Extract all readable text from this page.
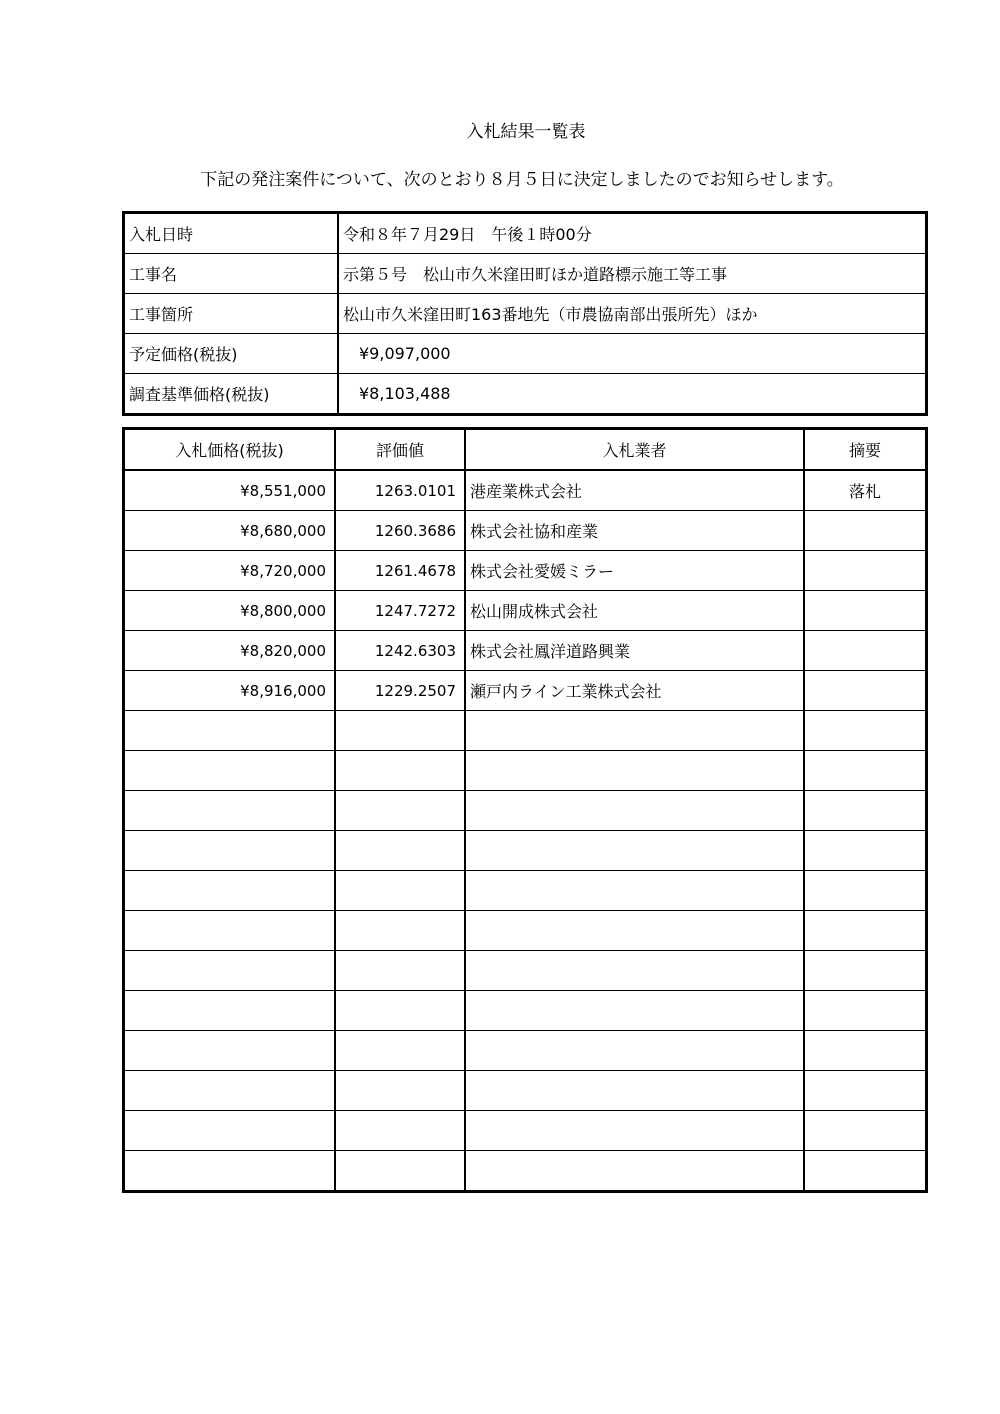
入札結果一覧表
下記の発注案件について、次のとおり８月５日に決定しましたのでお知らせします。
入札日時	令和８年７月29日　午後１時00分
工事名	示第５号　松山市久米窪田町ほか道路標示施工等工事
工事箇所	松山市久米窪田町163番地先（市農協南部出張所先）ほか
予定価格(税抜)	¥9,097,000
調査基準価格(税抜)	¥8,103,488
入札価格(税抜)	評価値	入札業者	摘要
¥8,551,000	1263.0101	港産業株式会社	落札
¥8,680,000	1260.3686	株式会社協和産業	
¥8,720,000	1261.4678	株式会社愛媛ミラー	
¥8,800,000	1247.7272	松山開成株式会社	
¥8,820,000	1242.6303	株式会社鳳洋道路興業	
¥8,916,000	1229.2507	瀬戸内ライン工業株式会社	
